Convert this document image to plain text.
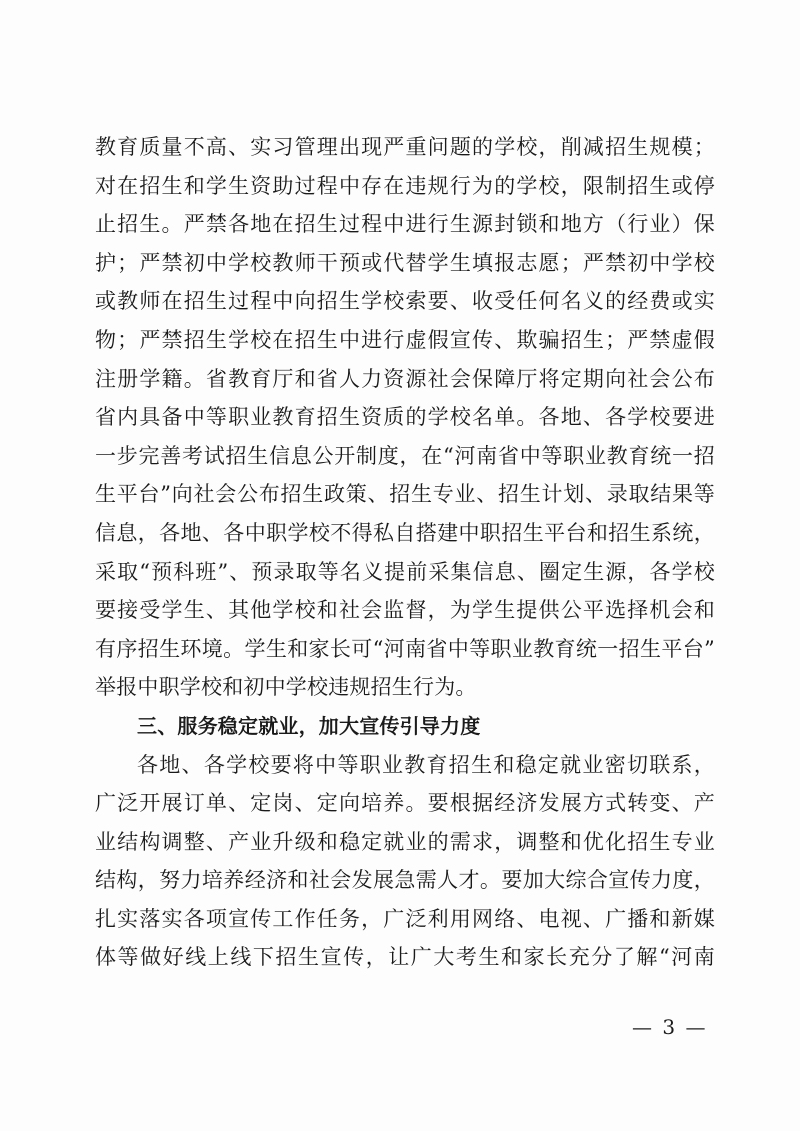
教育质量不高、实习管理出现严重问题的学校，削减招生规模；
对在招生和学生资助过程中存在违规行为的学校，限制招生或停
止招生。严禁各地在招生过程中进行生源封锁和地方（行业）保
护；严禁初中学校教师干预或代替学生填报志愿；严禁初中学校
或教师在招生过程中向招生学校索要、收受任何名义的经费或实
物；严禁招生学校在招生中进行虚假宣传、欺骗招生；严禁虚假
注册学籍。省教育厅和省人力资源社会保障厅将定期向社会公布
省内具备中等职业教育招生资质的学校名单。各地、各学校要进
一步完善考试招生信息公开制度，在“河南省中等职业教育统一招
生平台”向社会公布招生政策、招生专业、招生计划、录取结果等
信息，各地、各中职学校不得私自搭建中职招生平台和招生系统，
采取“预科班”、预录取等名义提前采集信息、圈定生源，各学校
要接受学生、其他学校和社会监督，为学生提供公平选择机会和
有序招生环境。学生和家长可“河南省中等职业教育统一招生平台”
举报中职学校和初中学校违规招生行为。
三、服务稳定就业，加大宣传引导力度
各地、各学校要将中等职业教育招生和稳定就业密切联系，
广泛开展订单、定岗、定向培养。要根据经济发展方式转变、产
业结构调整、产业升级和稳定就业的需求，调整和优化招生专业
结构，努力培养经济和社会发展急需人才。要加大综合宣传力度，
扎实落实各项宣传工作任务，广泛利用网络、电视、广播和新媒
体等做好线上线下招生宣传，让广大考生和家长充分了解“河南
— 3 —
